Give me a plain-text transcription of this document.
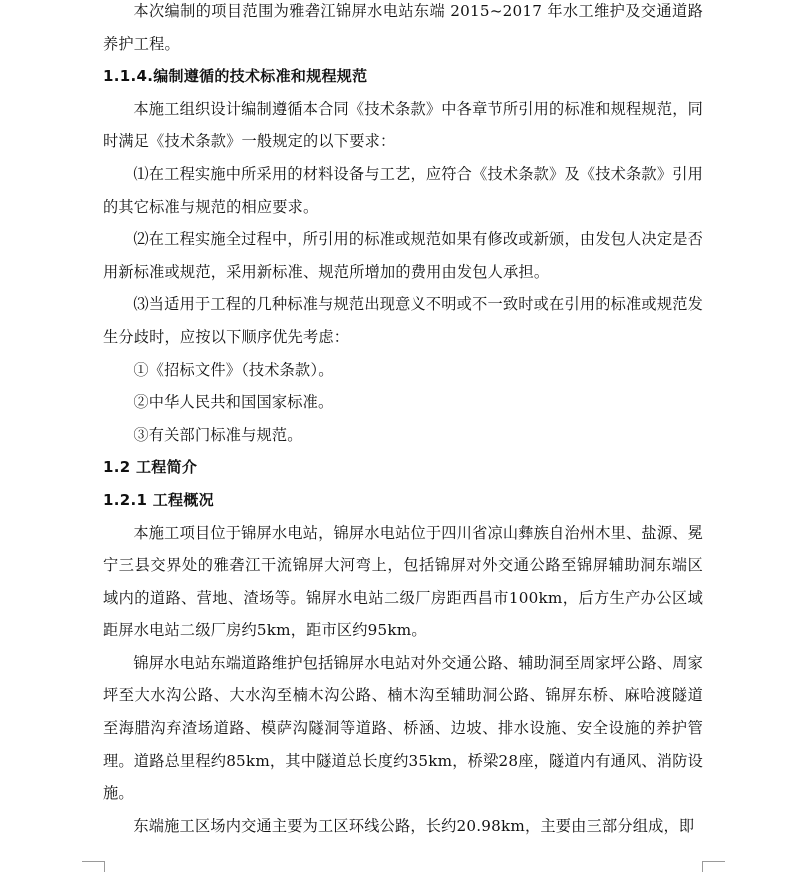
本次编制的项目范围为雅砻江锦屏水电站东端 2015~2017 年水工维护及交通道路养护工程。

1.1.4.编制遵循的技术标准和规程规范

本施工组织设计编制遵循本合同《技术条款》中各章节所引用的标准和规程规范，同时满足《技术条款》一般规定的以下要求：

⑴在工程实施中所采用的材料设备与工艺，应符合《技术条款》及《技术条款》引用的其它标准与规范的相应要求。

⑵在工程实施全过程中，所引用的标准或规范如果有修改或新颁，由发包人决定是否用新标准或规范，采用新标准、规范所增加的费用由发包人承担。

⑶当适用于工程的几种标准与规范出现意义不明或不一致时或在引用的标准或规范发生分歧时，应按以下顺序优先考虑：

①《招标文件》（技术条款）。

②中华人民共和国国家标准。

③有关部门标准与规范。

1.2 工程简介

1.2.1 工程概况

本施工项目位于锦屏水电站，锦屏水电站位于四川省凉山彝族自治州木里、盐源、冕宁三县交界处的雅砻江干流锦屏大河弯上，包括锦屏对外交通公路至锦屏辅助洞东端区域内的道路、营地、渣场等。锦屏水电站二级厂房距西昌市100km，后方生产办公区域距屏水电站二级厂房约5km，距市区约95km。

锦屏水电站东端道路维护包括锦屏水电站对外交通公路、辅助洞至周家坪公路、周家坪至大水沟公路、大水沟至楠木沟公路、楠木沟至辅助洞公路、锦屏东桥、麻哈渡隧道至海腊沟弃渣场道路、模萨沟隧洞等道路、桥涵、边坡、排水设施、安全设施的养护管理。道路总里程约85km，其中隧道总长度约35km，桥梁28座，隧道内有通风、消防设施。

东端施工区场内交通主要为工区环线公路，长约20.98km，主要由三部分组成，即
